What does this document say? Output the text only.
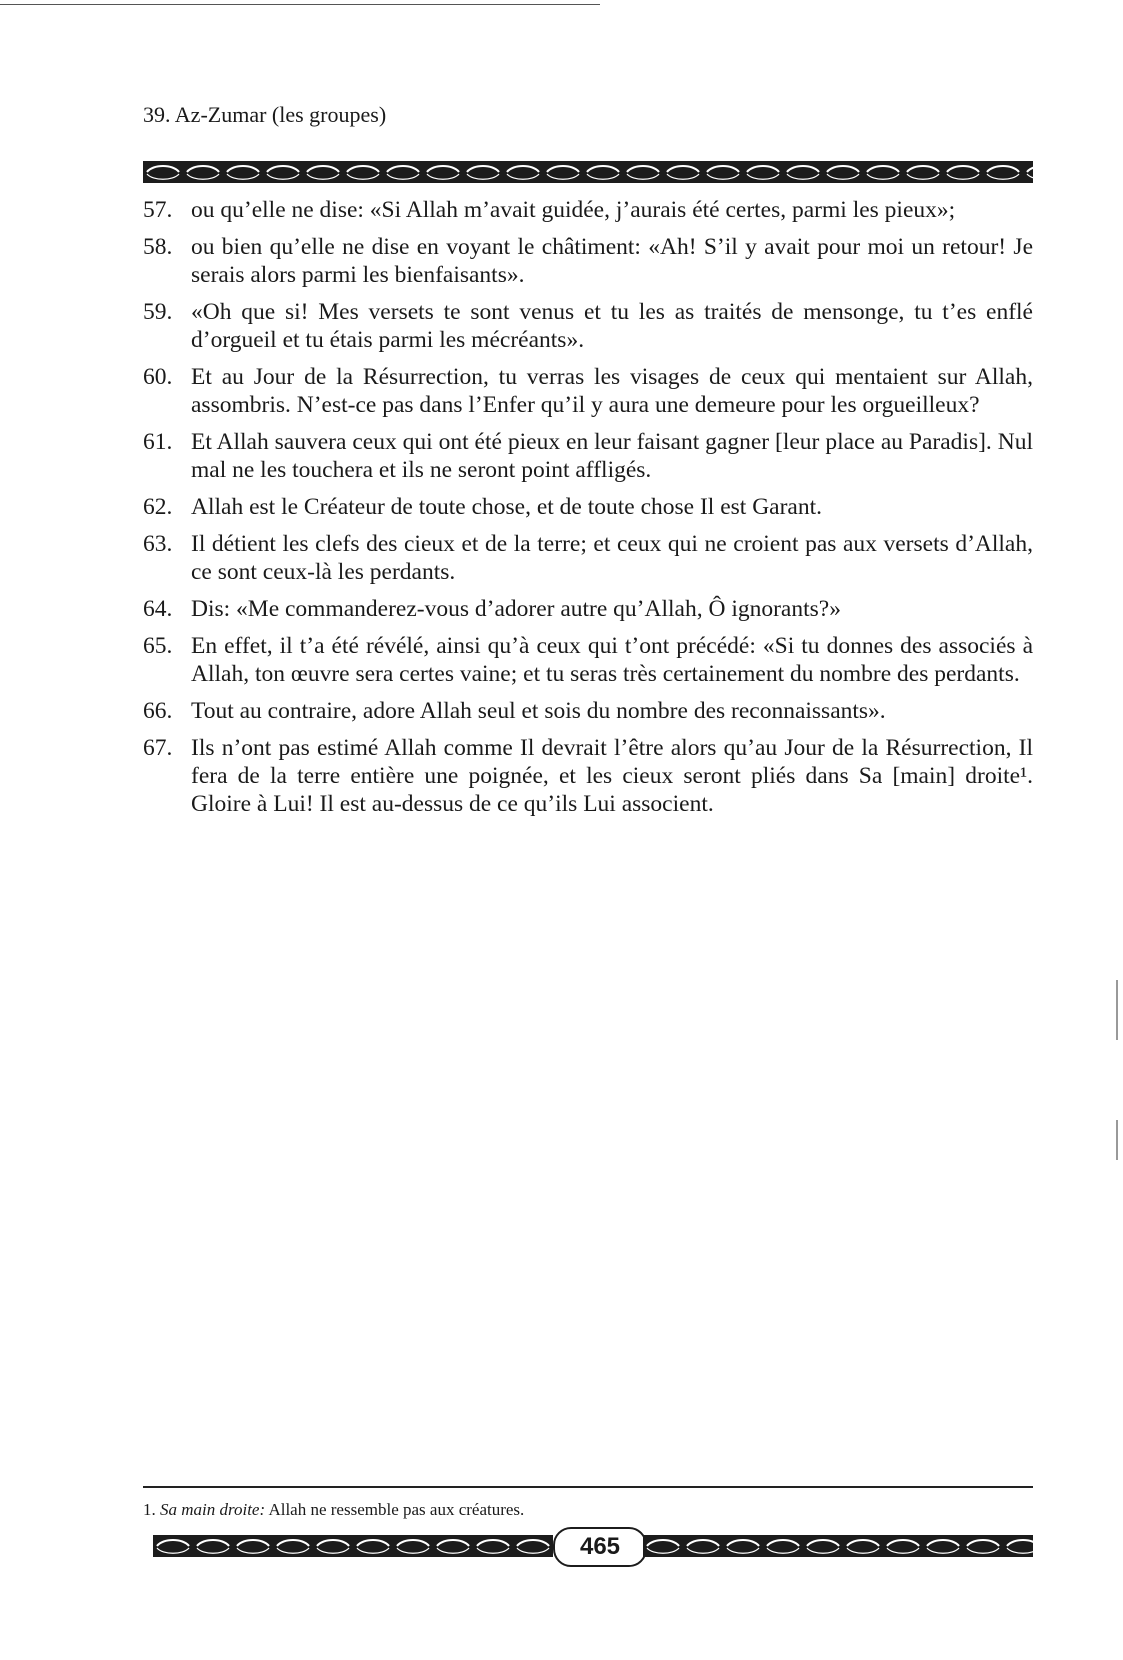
39. Az-Zumar (les groupes)
57. ou qu’elle ne dise: «Si Allah m’avait guidée, j’aurais été certes, parmi les pieux»;
58. ou bien qu’elle ne dise en voyant le châtiment: «Ah! S’il y avait pour moi un retour! Je serais alors parmi les bienfaisants».
59. «Oh que si! Mes versets te sont venus et tu les as traités de mensonge, tu t’es enflé d’orgueil et tu étais parmi les mécréants».
60. Et au Jour de la Résurrection, tu verras les visages de ceux qui mentaient sur Allah, assombris. N’est-ce pas dans l’Enfer qu’il y aura une demeure pour les orgueilleux?
61. Et Allah sauvera ceux qui ont été pieux en leur faisant gagner [leur place au Paradis]. Nul mal ne les touchera et ils ne seront point affligés.
62. Allah est le Créateur de toute chose, et de toute chose Il est Garant.
63. Il détient les clefs des cieux et de la terre; et ceux qui ne croient pas aux versets d’Allah, ce sont ceux-là les perdants.
64. Dis: «Me commanderez-vous d’adorer autre qu’Allah, Ô ignorants?»
65. En effet, il t’a été révélé, ainsi qu’à ceux qui t’ont précédé: «Si tu donnes des associés à Allah, ton œuvre sera certes vaine; et tu seras très certainement du nombre des perdants.
66. Tout au contraire, adore Allah seul et sois du nombre des reconnaissants».
67. Ils n’ont pas estimé Allah comme Il devrait l’être alors qu’au Jour de la Résurrection, Il fera de la terre entière une poignée, et les cieux seront pliés dans Sa [main] droite¹. Gloire à Lui! Il est au-dessus de ce qu’ils Lui associent.
1. Sa main droite: Allah ne ressemble pas aux créatures.
465
